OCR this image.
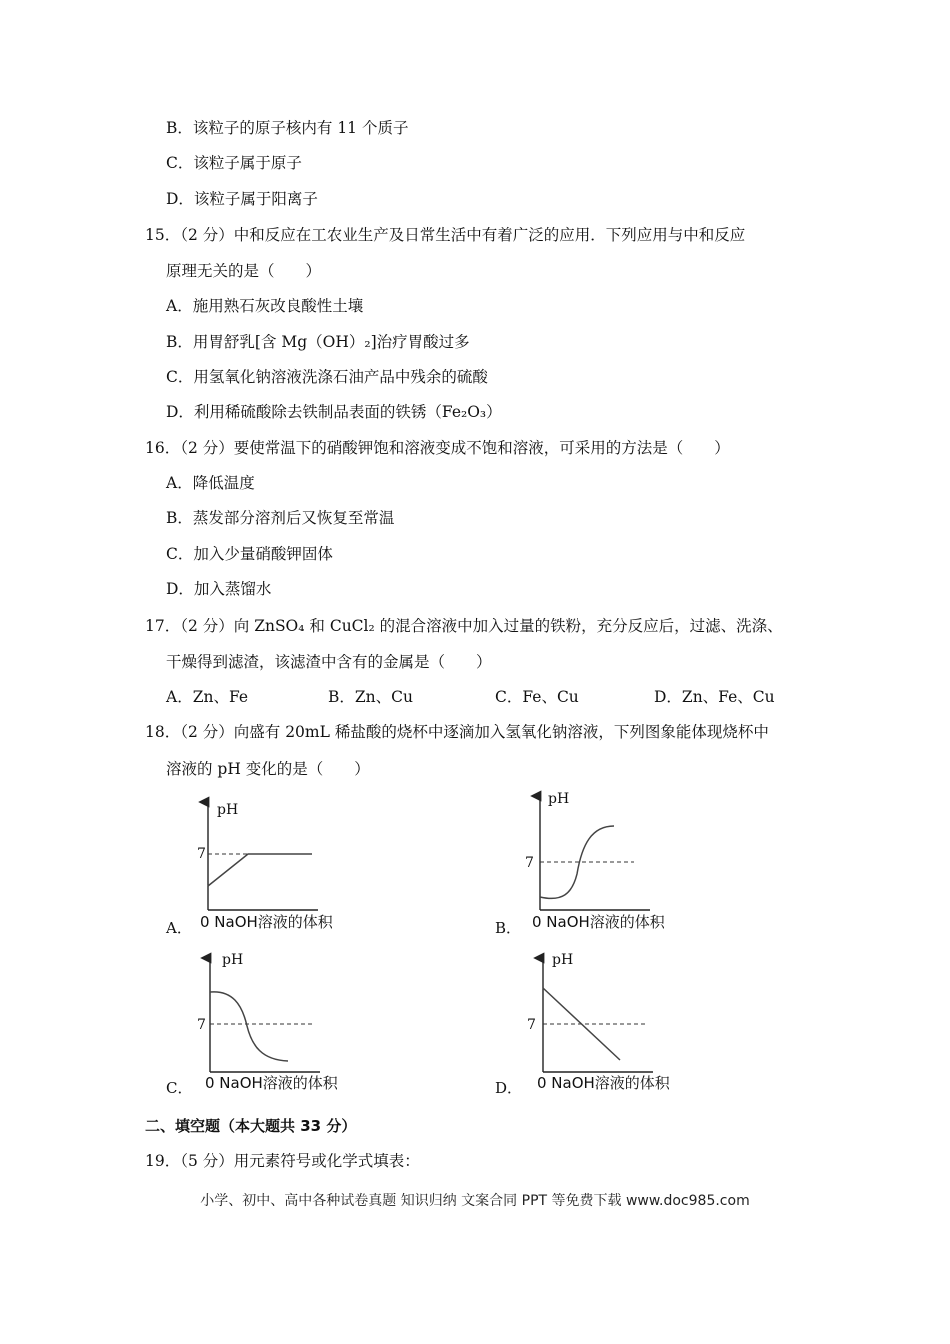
B．该粒子的原子核内有 11 个质子
C．该粒子属于原子
D．该粒子属于阳离子
15．（2 分）中和反应在工农业生产及日常生活中有着广泛的应用．下列应用与中和反应
原理无关的是（　　）
A．施用熟石灰改良酸性土壤
B．用胃舒乳[含 Mg（OH）₂]治疗胃酸过多
C．用氢氧化钠溶液洗涤石油产品中残余的硫酸
D．利用稀硫酸除去铁制品表面的铁锈（Fe₂O₃）
16．（2 分）要使常温下的硝酸钾饱和溶液变成不饱和溶液，可采用的方法是（　　）
A．降低温度
B．蒸发部分溶剂后又恢复至常温
C．加入少量硝酸钾固体
D．加入蒸馏水
17．（2 分）向 ZnSO₄ 和 CuCl₂ 的混合溶液中加入过量的铁粉，充分反应后，过滤、洗涤、
干燥得到滤渣，该滤渣中含有的金属是（　　）
A．Zn、Fe	B．Zn、Cu	C．Fe、Cu	D．Zn、Fe、Cu
18．（2 分）向盛有 20mL 稀盐酸的烧杯中逐滴加入氢氧化钠溶液，下列图象能体现烧杯中
溶液的 pH 变化的是（　　）
A．
pH
7
0 NaOH溶液的体积	B．
pH
7
0 NaOH溶液的体积
C．
pH
7
0 NaOH溶液的体积	D．
pH
7
0 NaOH溶液的体积
二、填空题（本大题共 33 分）
19．（5 分）用元素符号或化学式填表：
小学、初中、高中各种试卷真题 知识归纳 文案合同 PPT 等免费下载 www.doc985.com
